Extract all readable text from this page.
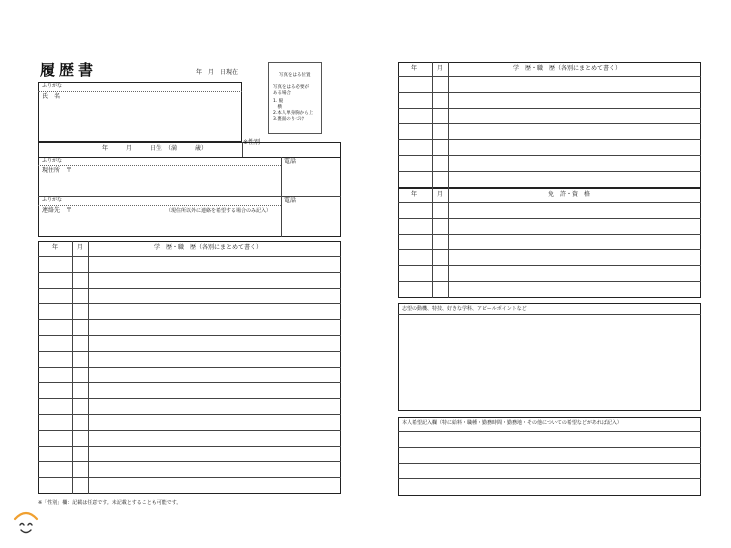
履歴書	年　月　日現在	写真をはる位置
写真をはる必要が
ある場合
1. 縦
　横
2.本人単身胸から上
3.裏面のりづけ
ふりがな
氏　名
年　　　月　　　日生　（満　　　歳）
※性別
ふりがな
現住所　〒
電話
ふりがな
連絡先　〒	（現住所以外に連絡を希望する場合のみ記入）
電話
年	月	学　歴・職　歴（各別にまとめて書く）
※「性別」欄：記載は任意です。未記載とすることも可能です。
年	月	学　歴・職　歴（各別にまとめて書く）
年	月	免　許・資　格
志望の動機、特技、好きな学科、アピールポイントなど
本人希望記入欄（特に給料・職種・勤務時間・勤務地・その他についての希望などがあれば記入）
